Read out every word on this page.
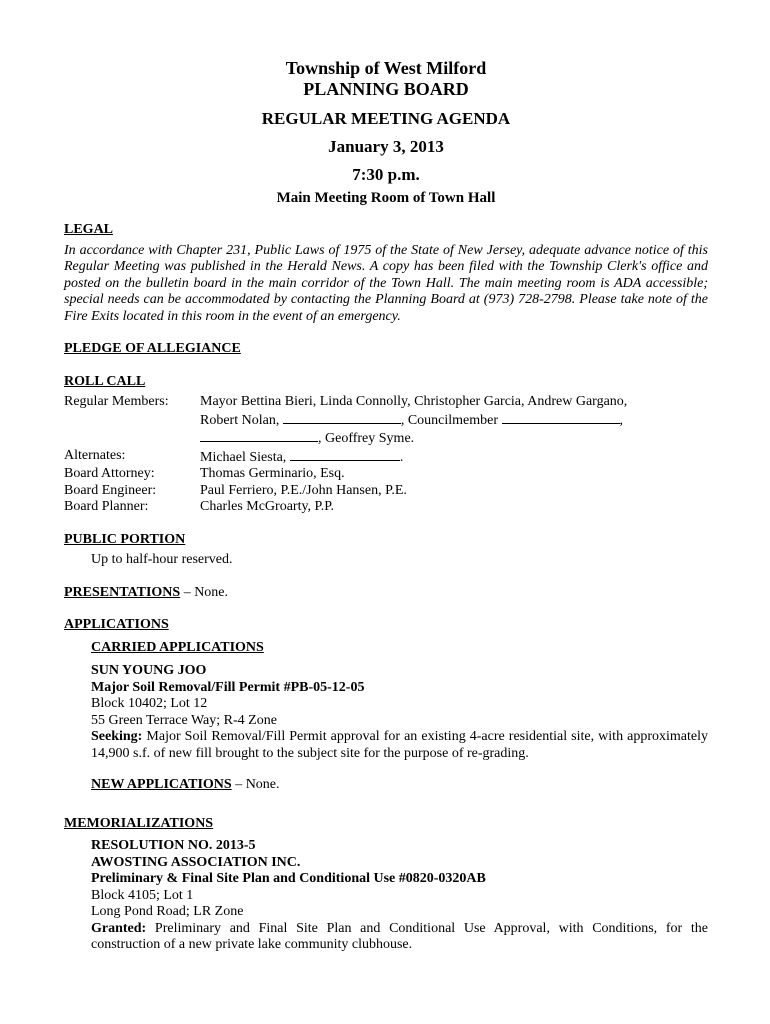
Township of West Milford
PLANNING BOARD
REGULAR MEETING AGENDA
January 3, 2013
7:30 p.m.
Main Meeting Room of Town Hall
LEGAL
In accordance with Chapter 231, Public Laws of 1975 of the State of New Jersey, adequate advance notice of this Regular Meeting was published in the Herald News. A copy has been filed with the Township Clerk's office and posted on the bulletin board in the main corridor of the Town Hall. The main meeting room is ADA accessible; special needs can be accommodated by contacting the Planning Board at (973) 728-2798. Please take note of the Fire Exits located in this room in the event of an emergency.
PLEDGE OF ALLEGIANCE
ROLL CALL
Regular Members:	Mayor Bettina Bieri, Linda Connolly, Christopher Garcia, Andrew Gargano,
Robert Nolan,	, Councilmember	,
, Geoffrey Syme.
Alternates:	Michael Siesta,	.
Board Attorney:	Thomas Germinario, Esq.
Board Engineer:	Paul Ferriero, P.E./John Hansen, P.E.
Board Planner:	Charles McGroarty, P.P.
PUBLIC PORTION
Up to half-hour reserved.
PRESENTATIONS – None.
APPLICATIONS
CARRIED APPLICATIONS
SUN YOUNG JOO
Major Soil Removal/Fill Permit #PB-05-12-05
Block 10402; Lot 12
55 Green Terrace Way; R-4 Zone
Seeking: Major Soil Removal/Fill Permit approval for an existing 4-acre residential site, with approximately 14,900 s.f. of new fill brought to the subject site for the purpose of re-grading.
NEW APPLICATIONS – None.
MEMORIALIZATIONS
RESOLUTION NO. 2013-5
AWOSTING ASSOCIATION INC.
Preliminary & Final Site Plan and Conditional Use #0820-0320AB
Block 4105; Lot 1
Long Pond Road; LR Zone
Granted: Preliminary and Final Site Plan and Conditional Use Approval, with Conditions, for the construction of a new private lake community clubhouse.
